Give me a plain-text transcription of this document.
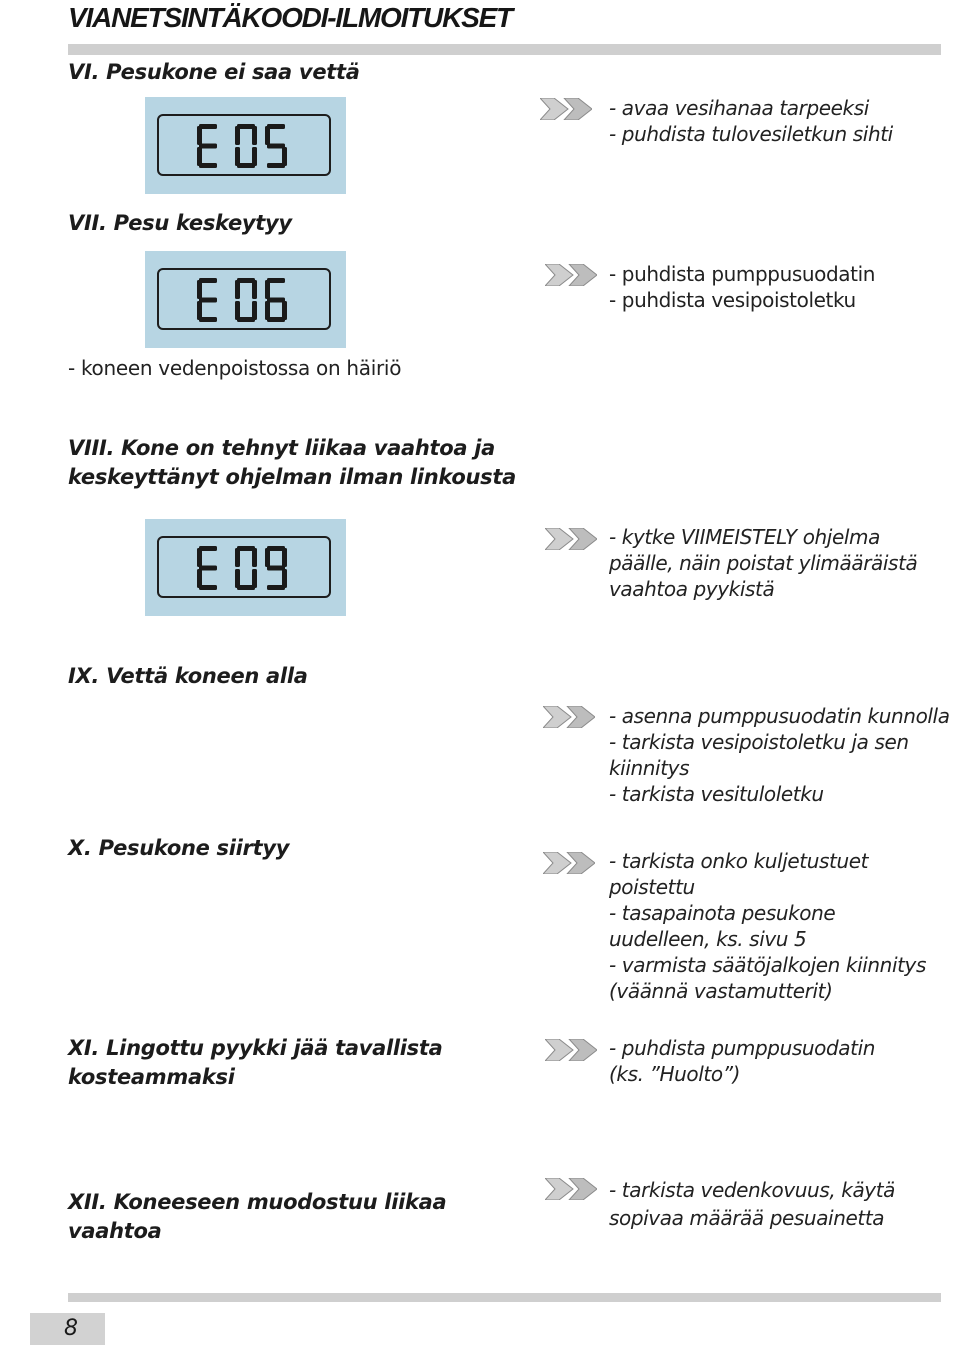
VIANETSINTÄKOODI-ILMOITUKSET
VI. Pesukone ei saa vettä
- avaa vesihanaa tarpeeksi
- puhdista tulovesiletkun sihti
VII. Pesu keskeytyy
- puhdista pumppusuodatin
- puhdista vesipoistoletku
- koneen vedenpoistossa on häiriö
VIII. Kone on tehnyt liikaa vaahtoa ja
keskeyttänyt ohjelman ilman linkousta
- kytke VIIMEISTELY ohjelma
päälle, näin poistat ylimääräistä
vaahtoa pyykistä
IX. Vettä koneen alla
- asenna pumppusuodatin kunnolla
- tarkista vesipoistoletku ja sen
kiinnitys
- tarkista vesituloletku
X. Pesukone siirtyy
- tarkista onko kuljetustuet
poistettu
- tasapainota pesukone
uudelleen, ks. sivu 5
- varmista säätöjalkojen kiinnitys
(väännä vastamutterit)
XI. Lingottu pyykki jää tavallista
kosteammaksi
- puhdista pumppusuodatin
(ks. ”Huolto”)
XII. Koneeseen muodostuu liikaa
vaahtoa
- tarkista vedenkovuus, käytä
sopivaa määrää pesuainetta
8
